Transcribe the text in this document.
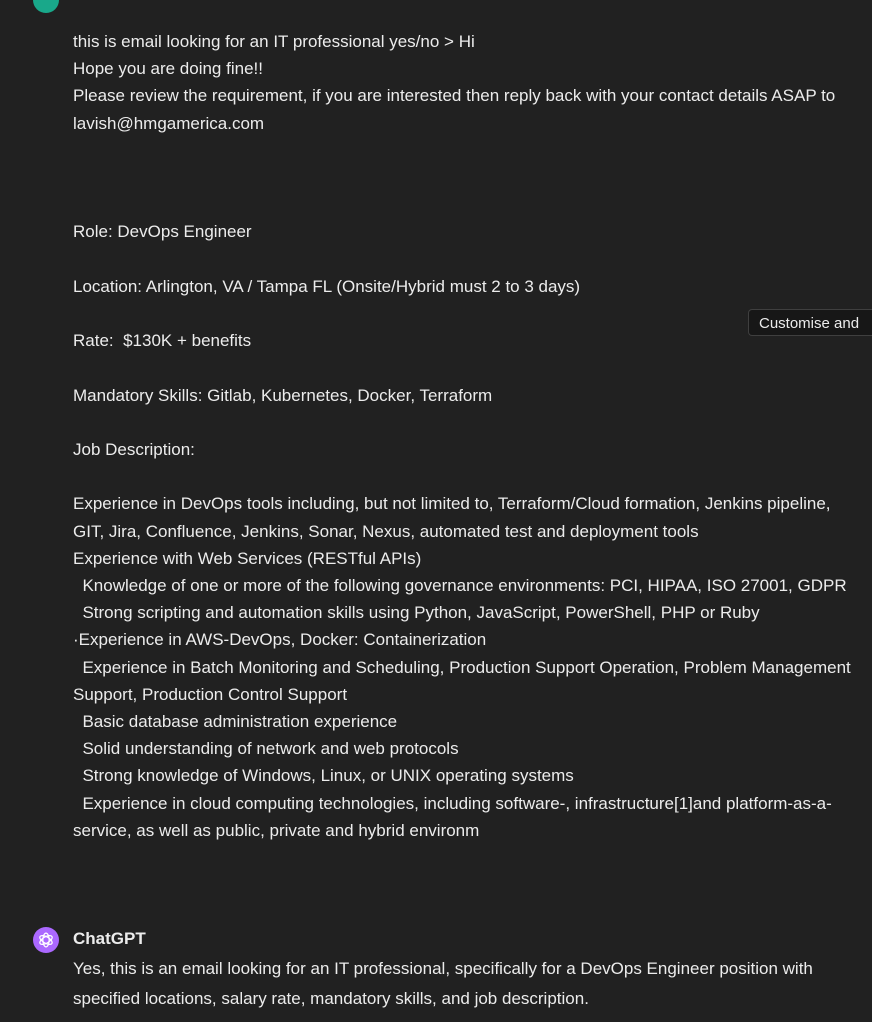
this is email looking for an IT professional yes/no > Hi
Hope you are doing fine!!
Please review the requirement, if you are interested then reply back with your contact details ASAP to lavish@hmgamerica.com

Role: DevOps Engineer

Location: Arlington, VA / Tampa FL (Onsite/Hybrid must 2 to 3 days)

Rate:  $130K + benefits

Mandatory Skills: Gitlab, Kubernetes, Docker, Terraform

Job Description:

Experience in DevOps tools including, but not limited to, Terraform/Cloud formation, Jenkins pipeline, GIT, Jira, Confluence, Jenkins, Sonar, Nexus, automated test and deployment tools
Experience with Web Services (RESTful APIs)
Knowledge of one or more of the following governance environments: PCI, HIPAA, ISO 27001, GDPR
Strong scripting and automation skills using Python, JavaScript, PowerShell, PHP or Ruby
·Experience in AWS-DevOps, Docker: Containerization
Experience in Batch Monitoring and Scheduling, Production Support Operation, Problem Management Support, Production Control Support
Basic database administration experience
Solid understanding of network and web protocols
Strong knowledge of Windows, Linux, or UNIX operating systems
Experience in cloud computing technologies, including software-, infrastructure[1]and platform-as-a-service, as well as public, private and hybrid environm
Customise and
ChatGPT
Yes, this is an email looking for an IT professional, specifically for a DevOps Engineer position with specified locations, salary rate, mandatory skills, and job description.
